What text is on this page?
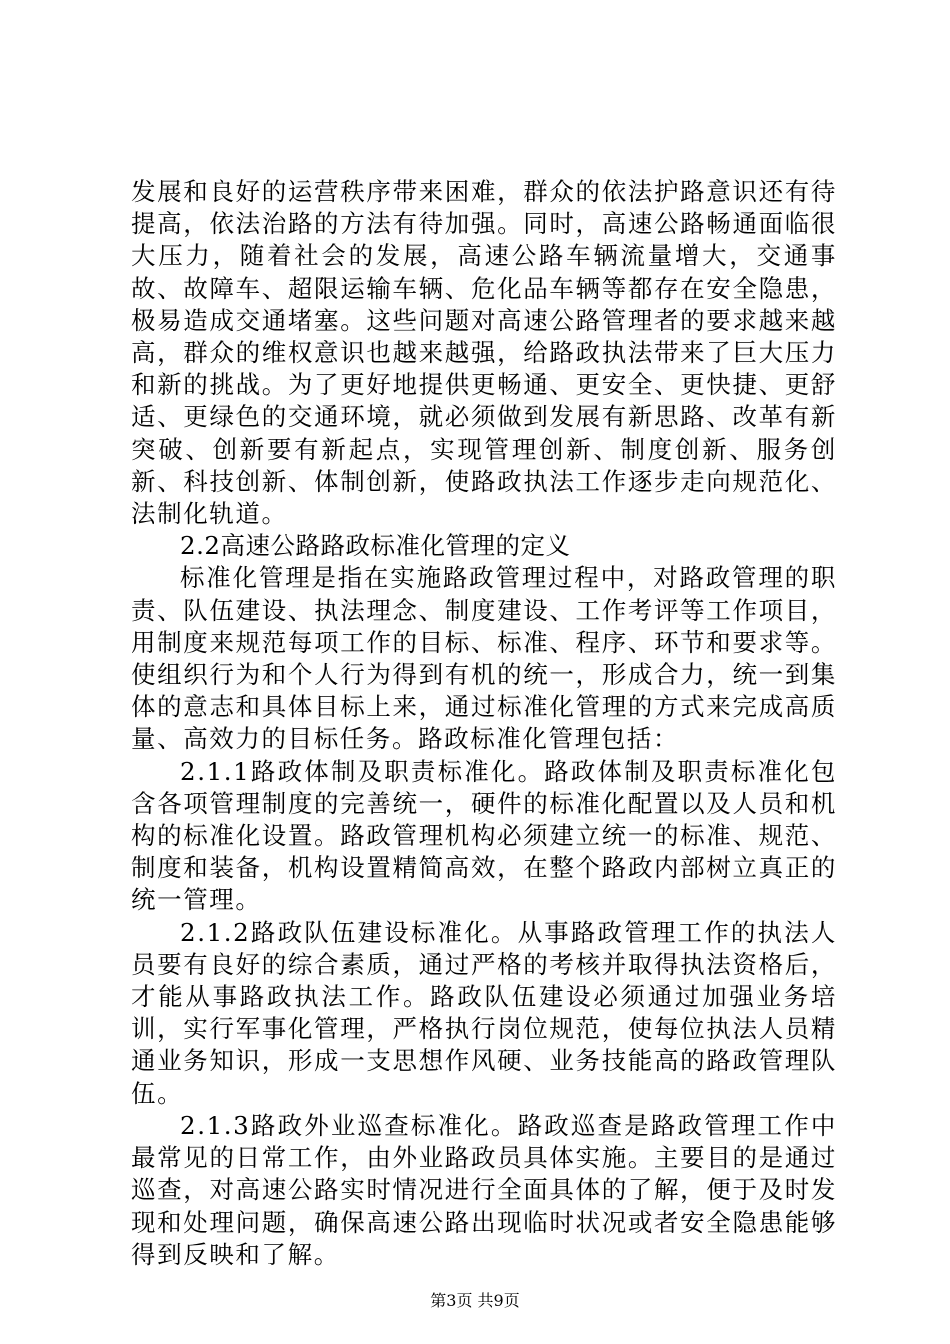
发展和良好的运营秩序带来困难，群众的依法护路意识还有待提高，依法治路的方法有待加强。同时，高速公路畅通面临很大压力，随着社会的发展，高速公路车辆流量增大，交通事故、故障车、超限运输车辆、危化品车辆等都存在安全隐患，极易造成交通堵塞。这些问题对高速公路管理者的要求越来越高，群众的维权意识也越来越强，给路政执法带来了巨大压力和新的挑战。为了更好地提供更畅通、更安全、更快捷、更舒适、更绿色的交通环境，就必须做到发展有新思路、改革有新突破、创新要有新起点，实现管理创新、制度创新、服务创新、科技创新、体制创新，使路政执法工作逐步走向规范化、法制化轨道。

2.2高速公路路政标准化管理的定义

标准化管理是指在实施路政管理过程中，对路政管理的职责、队伍建设、执法理念、制度建设、工作考评等工作项目，用制度来规范每项工作的目标、标准、程序、环节和要求等。使组织行为和个人行为得到有机的统一，形成合力，统一到集体的意志和具体目标上来，通过标准化管理的方式来完成高质量、高效力的目标任务。路政标准化管理包括：

2.1.1路政体制及职责标准化。路政体制及职责标准化包含各项管理制度的完善统一，硬件的标准化配置以及人员和机构的标准化设置。路政管理机构必须建立统一的标准、规范、制度和装备，机构设置精简高效，在整个路政内部树立真正的统一管理。

2.1.2路政队伍建设标准化。从事路政管理工作的执法人员要有良好的综合素质，通过严格的考核并取得执法资格后，才能从事路政执法工作。路政队伍建设必须通过加强业务培训，实行军事化管理，严格执行岗位规范，使每位执法人员精通业务知识，形成一支思想作风硬、业务技能高的路政管理队伍。

2.1.3路政外业巡查标准化。路政巡查是路政管理工作中最常见的日常工作，由外业路政员具体实施。主要目的是通过巡查，对高速公路实时情况进行全面具体的了解，便于及时发现和处理问题，确保高速公路出现临时状况或者安全隐患能够得到反映和了解。

第3页 共9页
